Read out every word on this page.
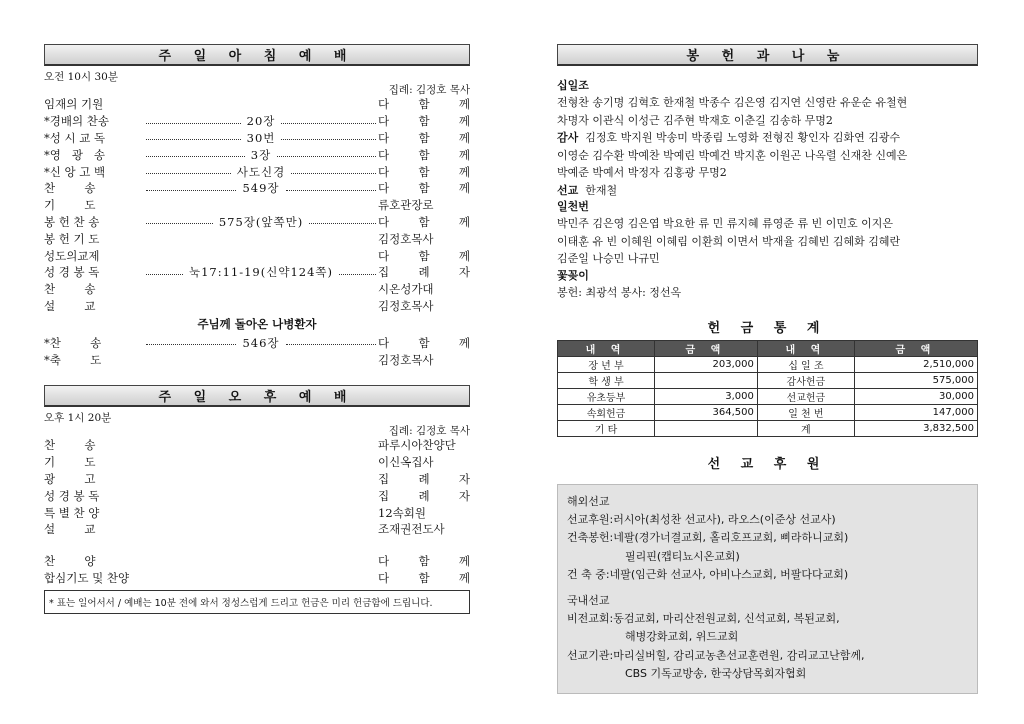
주 일 아 침 예 배
오전 10시 30분
집례: 김정호 목사
임재의 기원	다 함 께
*경배의 찬송	20장	다 함 께
*성 시 교 독	30번	다 함 께
*영   광   송	3장	다 함 께
*신 앙 고 백	사도신경	다 함 께
찬        송	549장	다 함 께
기        도	류호관장로
봉 헌 찬 송	575장(앞쪽만)	다 함 께
봉 헌 기 도	김정호목사
성도의교제	다 함 께
성 경 봉 독	눅17:11-19(신약124쪽)	집 례 자
찬        송	시온성가대
설        교	김정호목사
주님께 돌아온 나병환자
*찬        송	546장	다 함 께
*축        도	김정호목사
주 일 오 후 예 배
오후 1시 20분
집례: 김정호 목사
찬        송	파루시아찬양단
기        도	이신옥집사
광        고	집 례 자
성 경 봉 독	집 례 자
특 별 찬 양	12속회원
설        교	조재권전도사
찬        양	다 함 께
합심기도 및 찬양	다 함 께
* 표는 일어서서 / 예배는 10분 전에 와서 정성스럽게 드리고 헌금은 미리 헌금함에 드립니다.
봉 헌 과 나 눔
십일조
전형찬 송기명 김혁호 한재철 박종수 김은영 김지연 신영란 유운순 유철현
차명자 이관식 이성근 김주현 박재호 이춘길 김송하 무명2
감사 김정호 박지원 박송미 박종림 노영화 전형진 황인자 김화연 김광수
이영순 김수환 박예찬 박예린 박예건 박지훈 이원곤 나옥렬 신재찬 신예은
박예준 박예서 박정자 김홍광 무명2
선교 한재철
일천번
박민주 김은영 김은엽 박요한 류 민 류지혜 류영준 류 빈 이민호 이지은
이태훈 유 빈 이혜원 이혜림 이환희 이면서 박재율 김혜빈 김혜화 김혜란
김준일 나승민 나규민
꽃꽂이
봉헌: 최광석 봉사: 정선옥
헌 금 통 계
내 역	금 액	내 역	금 액
장 년 부	203,000	십 일 조	2,510,000
학 생 부		감사헌금	575,000
유초등부	3,000	선교헌금	30,000
속회헌금	364,500	일 천 번	147,000
기 타		계	3,832,500
선 교 후 원
해외선교
선교후원: 러시아(최성찬 선교사), 라오스(이준상 선교사)
건축봉헌: 네팔(경가너결교회, 홀리호프교회, 삐라하니교회)
필리핀(캡티뇨시온교회)
건 축 중: 네팔(임근화 선교사, 아비나스교회, 버팔다다교회)
국내선교
비전교회: 동검교회, 마리산전원교회, 신석교회, 복된교회,
해병강화교회, 위드교회
선교기관: 마리실버힐, 감리교농촌선교훈련원, 감리교고난함께,
CBS 기독교방송, 한국상담목회자협회
